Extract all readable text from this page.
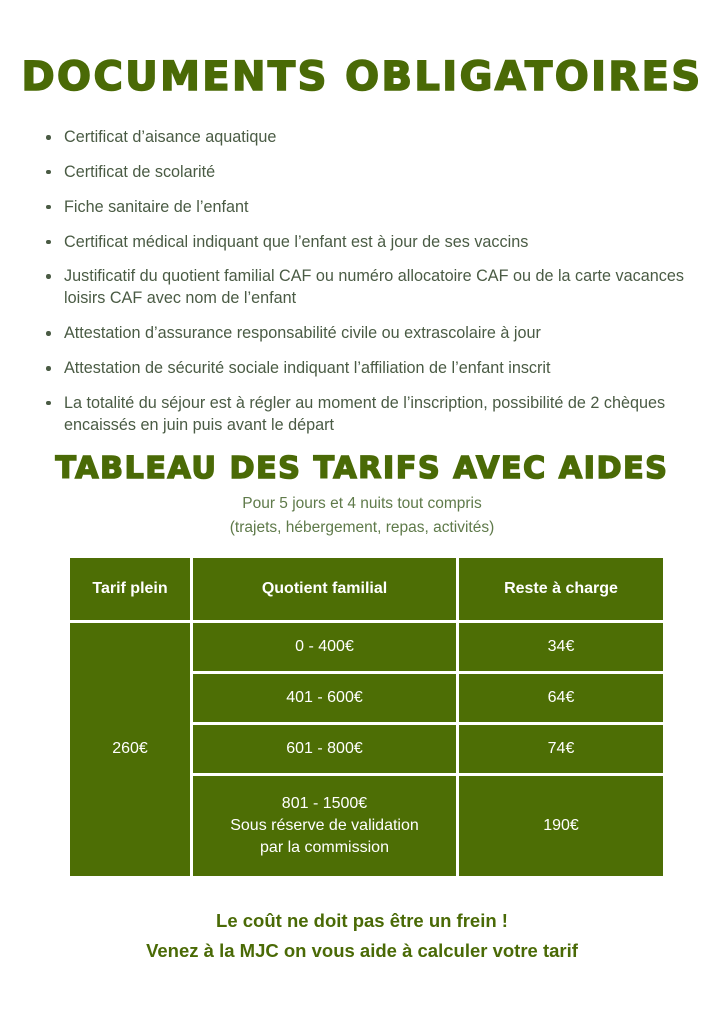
DOCUMENTS OBLIGATOIRES
Certificat d’aisance aquatique
Certificat de scolarité
Fiche sanitaire de l’enfant
Certificat médical indiquant que l’enfant est à jour de ses vaccins
Justificatif du quotient familial CAF ou numéro allocatoire CAF ou de la carte vacances loisirs CAF avec nom de l’enfant
Attestation d’assurance responsabilité civile ou extrascolaire à jour
Attestation de sécurité sociale indiquant l’affiliation de l’enfant inscrit
La totalité du séjour est à régler au moment de l’inscription, possibilité de 2 chèques encaissés en juin puis avant le départ
TABLEAU DES TARIFS AVEC AIDES
Pour 5 jours et 4 nuits tout compris
(trajets, hébergement, repas, activités)
Tarif plein	Quotient familial	Reste à charge
260€	0 - 400€	34€
	401 - 600€	64€
	601 - 800€	74€

	801 - 1500€
Sous réserve de validation
par la commission	190€
Le coût ne doit pas être un frein !
Venez à la MJC on vous aide à calculer votre tarif
